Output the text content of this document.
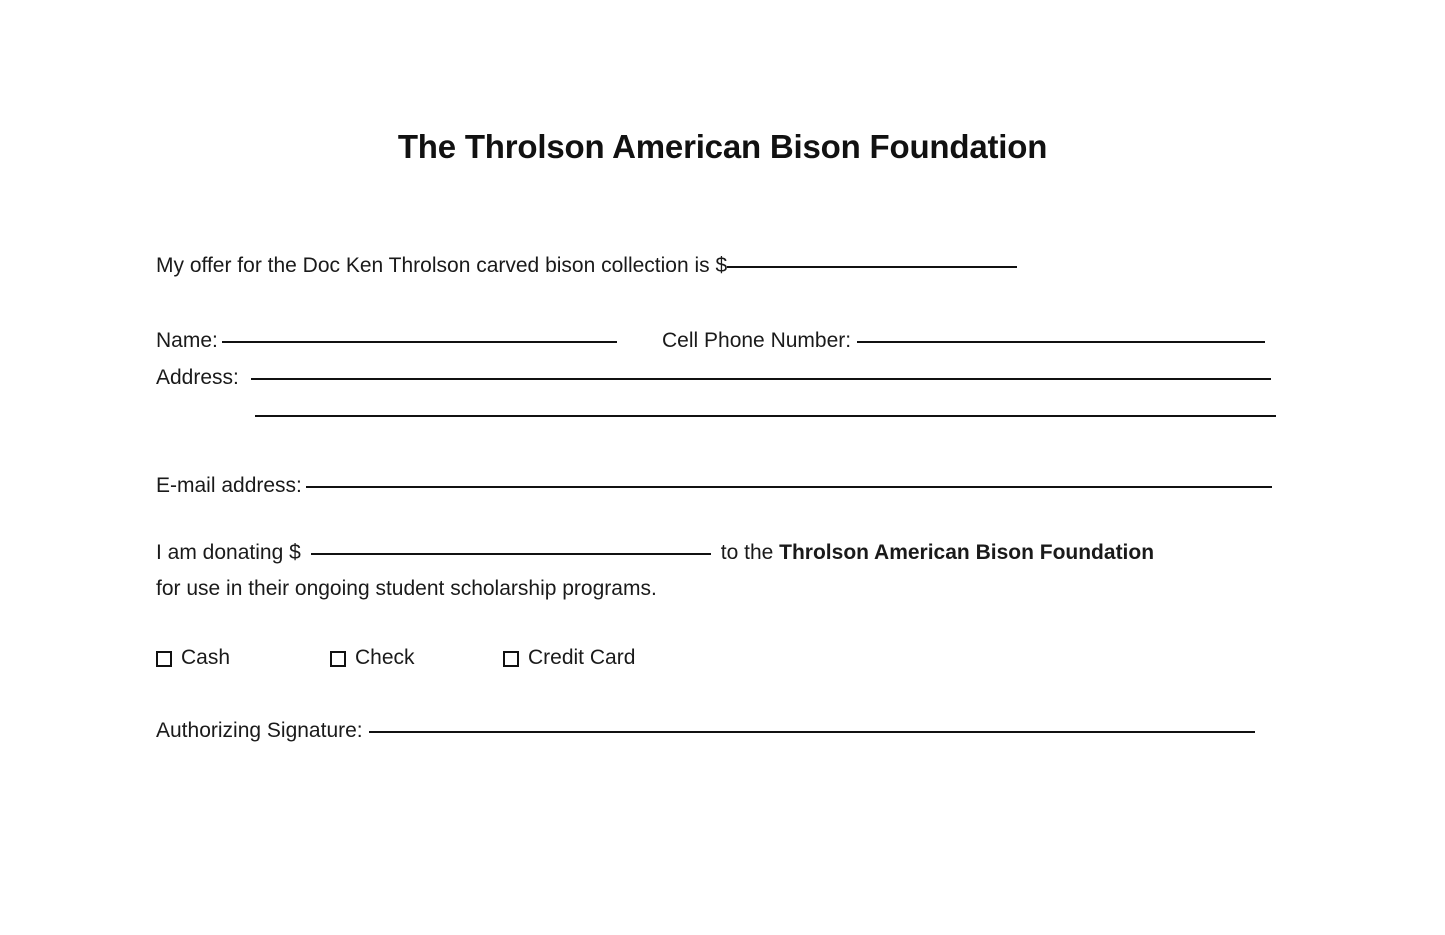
The Throlson American Bison Foundation
My offer for the Doc Ken Throlson carved bison collection is $
Name:	Cell Phone Number:
Address:
E-mail address:
I am donating $	to the
Throlson American Bison Foundation
for use in their ongoing student scholarship programs.
Cash	Check	Credit Card
Authorizing Signature:
